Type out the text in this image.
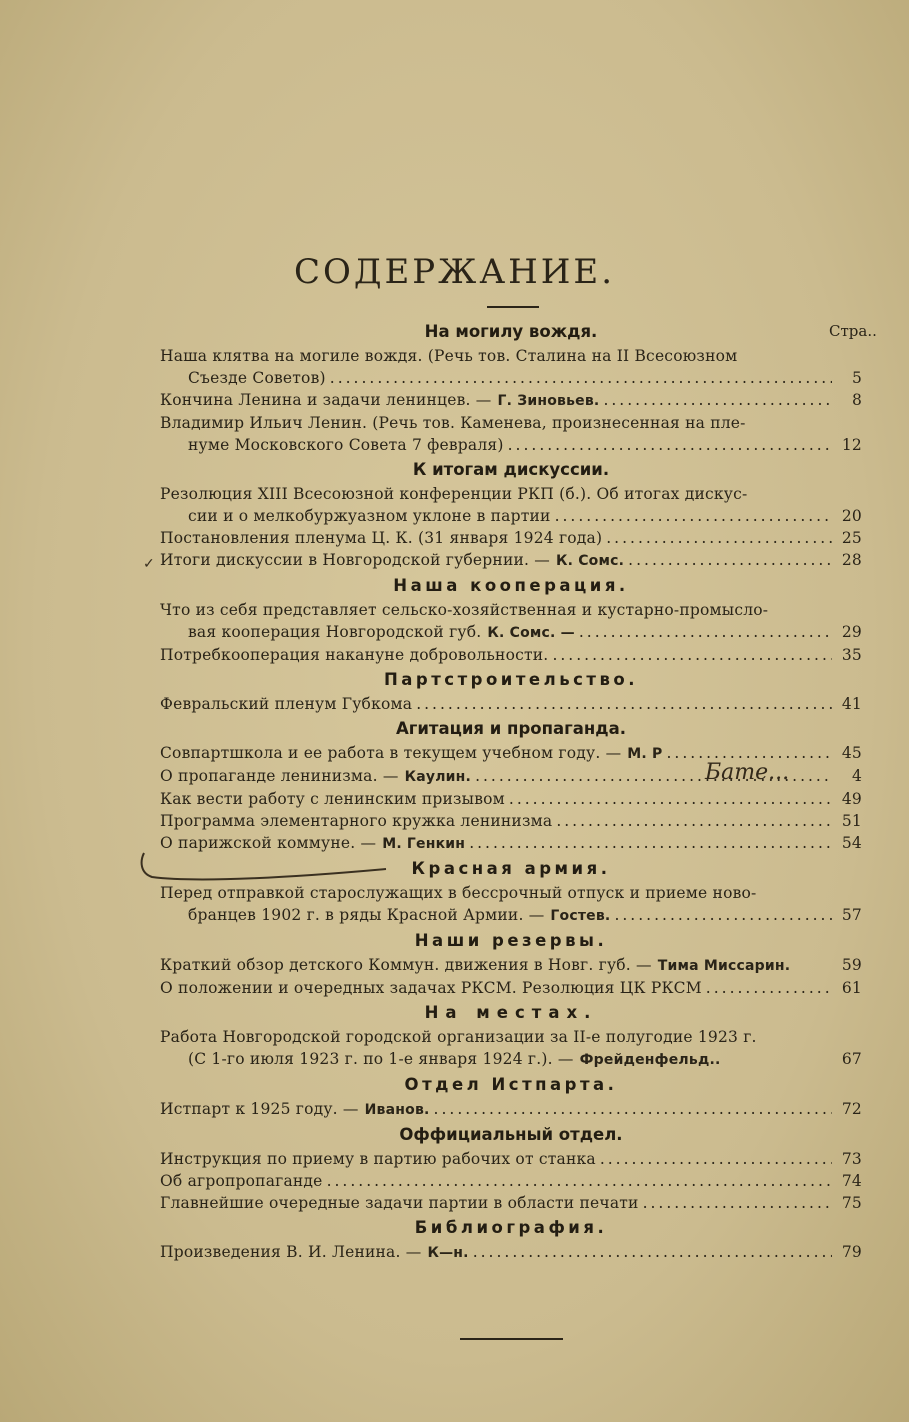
СОДЕРЖАНИЕ.
Стра..
На могилу вождя.
Наша клятва на могиле вождя. (Речь тов. Сталина на II Всесоюзном
Съезде Советов) .....	5
Кончина Ленина и задачи ленинцев. — Г. Зиновьев. .....	8
Владимир Ильич Ленин. (Речь тов. Каменева, произнесенная на пле-
нуме Московского Совета 7 февраля) .....	12
К итогам дискуссии.
Резолюция XIII Всесоюзной конференции РКП (б.). Об итогах дискус-
сии и о мелкобуржуазном уклоне в партии .....	20
Постановления пленума Ц. К. (31 января 1924 года) .....	25
Итоги дискуссии в Новгородской губернии. — К. Сомс. .....	28
Наша кооперация.
Что из себя представляет сельско-хозяйственная и кустарно-промысло-
вая кооперация Новгородской губ. К. Сомс. — .....	29
Потребкооперация накануне добровольности. .....	35
Партстроительство.
Февральский пленум Губкома .....	41
Агитация и пропаганда.
Совпартшкола и ее работа в текущем учебном году. — М. Р .....	45
О пропаганде ленинизма. — Каулин. .....	4
Как вести работу с ленинским призывом .....	49
Программа элементарного кружка ленинизма .....	51
О парижской коммуне. — М. Генкин .....	54
Красная армия.
Перед отправкой старослужащих в бессрочный отпуск и приеме ново-
бранцев 1902 г. в ряды Красной Армии. — Гостев. .....	57
Наши резервы.
Краткий обзор детского Коммун. движения в Новг. губ. — Тима Миссарин.	59
О положении и очередных задачах РКСМ. Резолюция ЦК РКСМ .....	61
На местах.
Работа Новгородской городской организации за II-е полугодие 1923 г.
(С 1-го июля 1923 г. по 1-е января 1924 г.). — Фрейденфельд..	67
Отдел Истпарта.
Истпарт к 1925 году. — Иванов. .....	72
Оффициальный отдел.
Инструкция по приему в партию рабочих от станка .....	73
Об агропропаганде .....	74
Главнейшие очередные задачи партии в области печати .....	75
Библиография.
Произведения В. И. Ленина. — К—н. .....	79
Бате...
✓
